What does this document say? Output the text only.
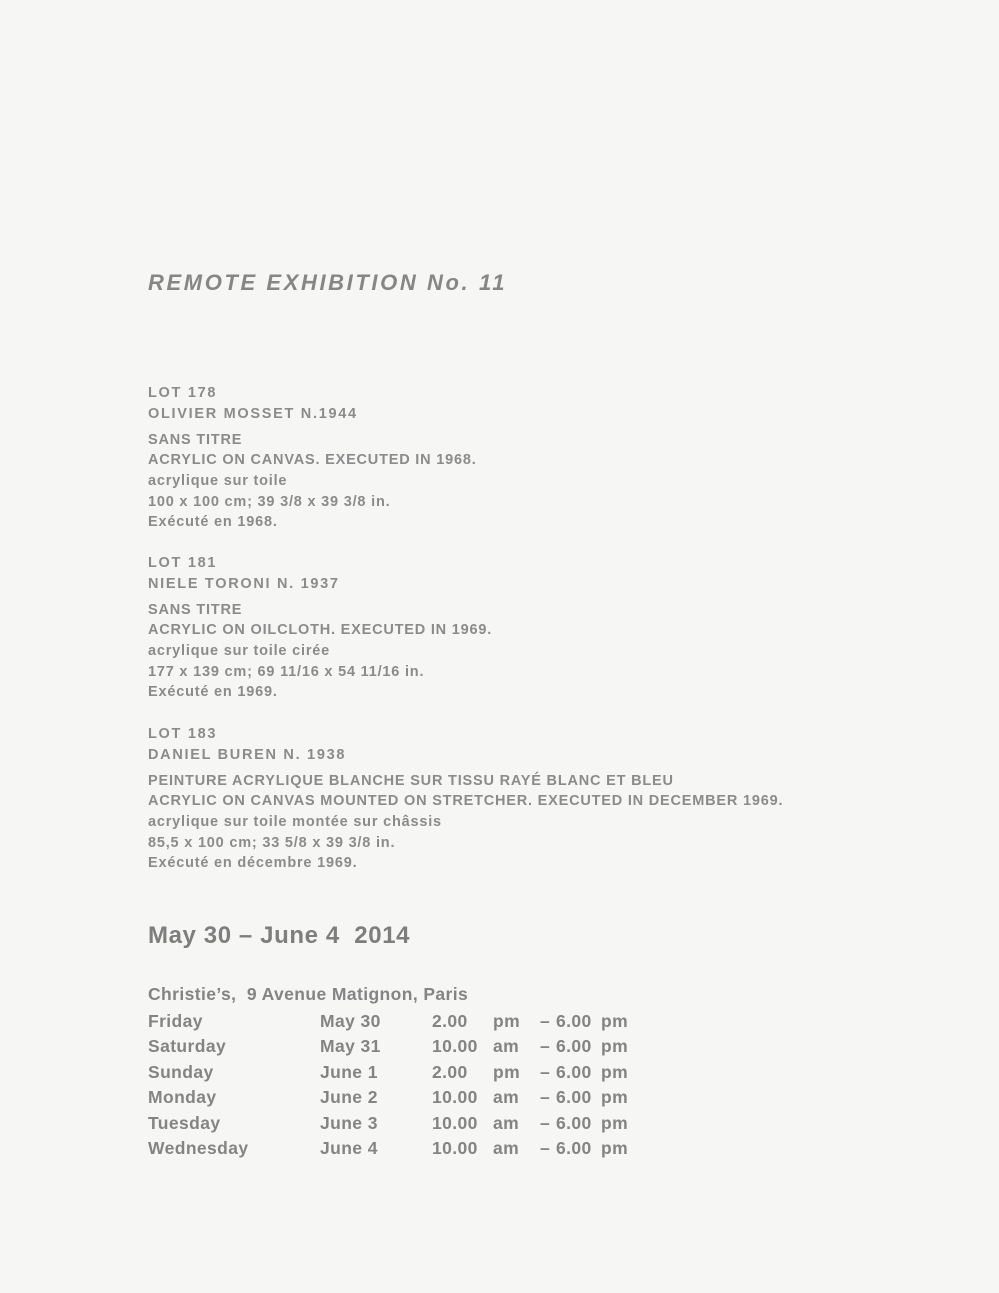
REMOTE EXHIBITION No. 11
LOT 178
OLIVIER MOSSET N.1944
SANS TITRE
ACRYLIC ON CANVAS. EXECUTED IN 1968.
acrylique sur toile
100 x 100 cm; 39 3/8 x 39 3/8 in.
Exécuté en 1968.
LOT 181
NIELE TORONI N. 1937
SANS TITRE
ACRYLIC ON OILCLOTH. EXECUTED IN 1969.
acrylique sur toile cirée
177 x 139 cm; 69 11/16 x 54 11/16 in.
Exécuté en 1969.
LOT 183
DANIEL BUREN N. 1938
PEINTURE ACRYLIQUE BLANCHE SUR TISSU RAYÉ BLANC ET BLEU
ACRYLIC ON CANVAS MOUNTED ON STRETCHER. EXECUTED IN DECEMBER 1969.
acrylique sur toile montée sur châssis
85,5 x 100 cm; 33 5/8 x 39 3/8 in.
Exécuté en décembre 1969.
May 30 – June 4  2014
Christie’s,  9 Avenue Matignon, Paris
Friday	May 30	2.00	pm	– 6.00 pm
Saturday	May 31	10.00 am	– 6.00 pm
Sunday	June 1	2.00	pm	– 6.00 pm
Monday	June 2	10.00 am	– 6.00 pm
Tuesday	June 3	10.00 am	– 6.00 pm
Wednesday	June 4	10.00 am	– 6.00 pm
